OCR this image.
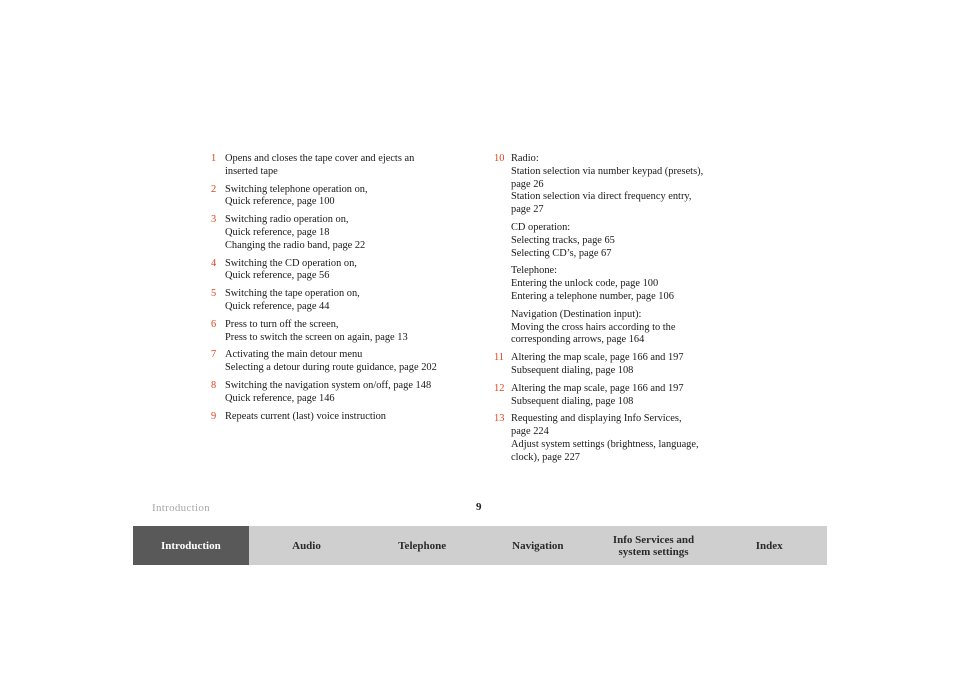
1 Opens and closes the tape cover and ejects an
inserted tape
2 Switching telephone operation on,
Quick reference, page 100
3 Switching radio operation on,
Quick reference, page 18
Changing the radio band, page 22
4 Switching the CD operation on,
Quick reference, page 56
5 Switching the tape operation on,
Quick reference, page 44
6 Press to turn off the screen,
Press to switch the screen on again, page 13
7 Activating the main detour menu
Selecting a detour during route guidance, page 202
8 Switching the navigation system on/off, page 148
Quick reference, page 146
9 Repeats current (last) voice instruction
10 Radio:
Station selection via number keypad (presets),
page 26
Station selection via direct frequency entry,
page 27
CD operation:
Selecting tracks, page 65
Selecting CD’s, page 67
Telephone:
Entering the unlock code, page 100
Entering a telephone number, page 106
Navigation (Destination input):
Moving the cross hairs according to the
corresponding arrows, page 164
11 Altering the map scale, page 166 and 197
Subsequent dialing, page 108
12 Altering the map scale, page 166 and 197
Subsequent dialing, page 108
13 Requesting and displaying Info Services,
page 224
Adjust system settings (brightness, language,
clock), page 227
Introduction	9
Introduction	Audio	Telephone	Navigation	Info Services and system settings	Index
